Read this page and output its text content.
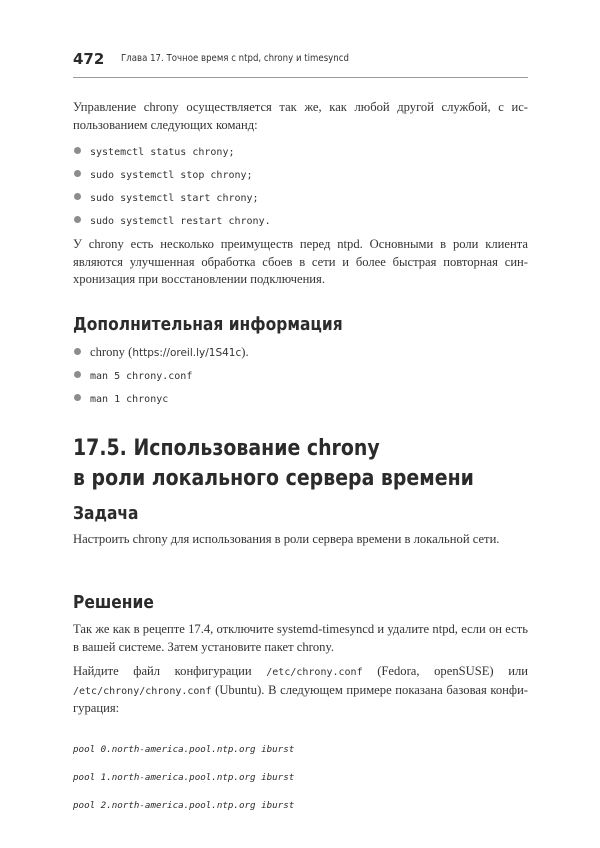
472 Глава 17. Точное время с ntpd, chrony и timesyncd
Управление chrony осуществляется так же, как любой другой службой, с ис-пользованием следующих команд:
systemctl status chrony;
sudo systemctl stop chrony;
sudo systemctl start chrony;
sudo systemctl restart chrony.
У chrony есть несколько преимуществ перед ntpd. Основными в роли клиента являются улучшенная обработка сбоев в сети и более быстрая повторная син-хронизация при восстановлении подключения.
Дополнительная информация
chrony (https://oreil.ly/1S41c).
man 5 chrony.conf
man 1 chronyc
17.5. Использование chrony
в роли локального сервера времени
Задача
Настроить chrony для использования в роли сервера времени в локальной сети.
Решение
Так же как в рецепте 17.4, отключите systemd-timesyncd и удалите ntpd, если он есть в вашей системе. Затем установите пакет chrony.
Найдите файл конфигурации /etc/chrony.conf (Fedora, openSUSE) или /etc/chrony/chrony.conf (Ubuntu). В следующем примере показана базовая конфи-гурация:

pool 0.north-america.pool.ntp.org iburst

pool 1.north-america.pool.ntp.org iburst

pool 2.north-america.pool.ntp.org iburst
